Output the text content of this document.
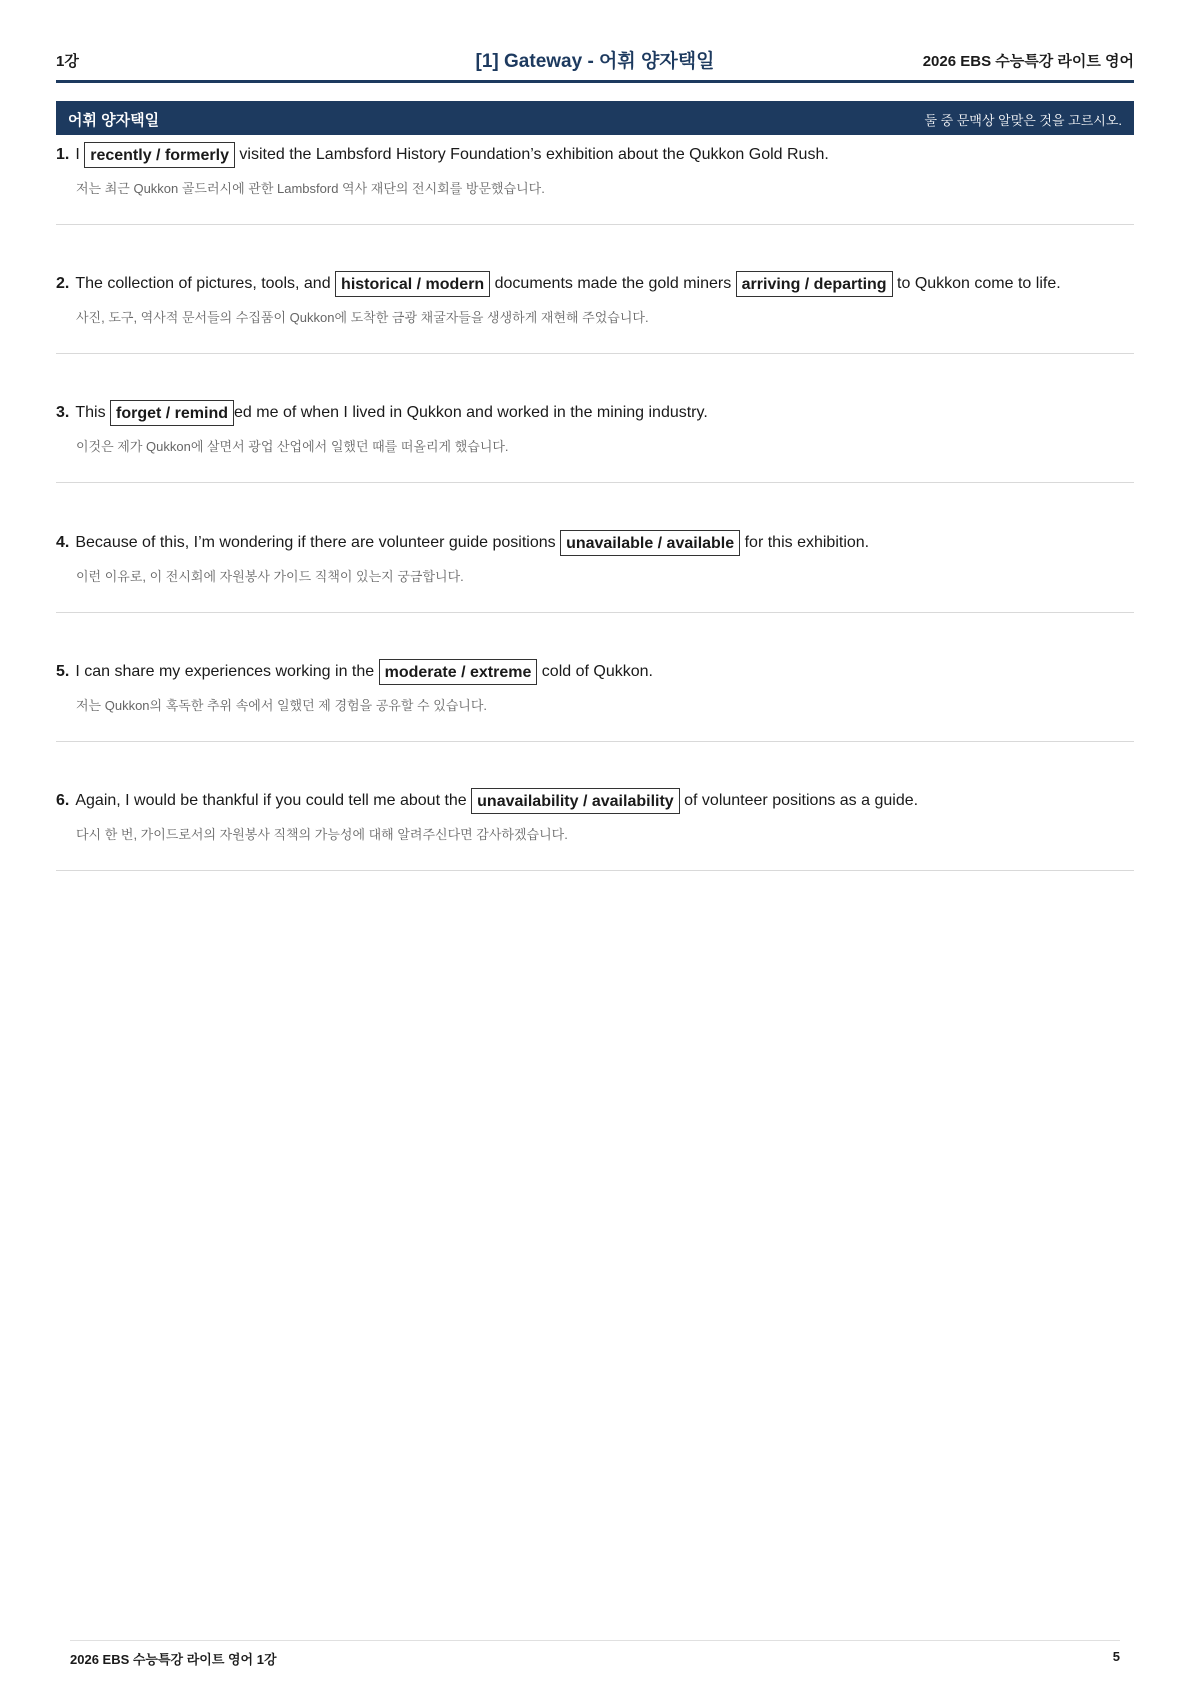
1강	[1] Gateway - 어휘 양자택일	2026 EBS 수능특강 라이트 영어
어휘 양자택일	둘 중 문맥상 알맞은 것을 고르시오.
1. I recently / formerly visited the Lambsford History Foundation’s exhibition about the Qukkon Gold Rush.
저는 최근 Qukkon 골드러시에 관한 Lambsford 역사 재단의 전시회를 방문했습니다.
2. The collection of pictures, tools, and historical / modern documents made the gold miners arriving / departing to Qukkon come to life.
사진, 도구, 역사적 문서들의 수집품이 Qukkon에 도착한 금광 채굴자들을 생생하게 재현해 주었습니다.
3. This forget / remind ed me of when I lived in Qukkon and worked in the mining industry.
이것은 제가 Qukkon에 살면서 광업 산업에서 일했던 때를 떠올리게 했습니다.
4. Because of this, I’m wondering if there are volunteer guide positions unavailable / available for this exhibition.
이런 이유로, 이 전시회에 자원봉사 가이드 직책이 있는지 궁금합니다.
5. I can share my experiences working in the moderate / extreme cold of Qukkon.
저는 Qukkon의 혹독한 추위 속에서 일했던 제 경험을 공유할 수 있습니다.
6. Again, I would be thankful if you could tell me about the unavailability / availability of volunteer positions as a guide.
다시 한 번, 가이드로서의 자원봉사 직책의 가능성에 대해 알려주신다면 감사하겠습니다.
2026 EBS 수능특강 라이트 영어 1강	5
